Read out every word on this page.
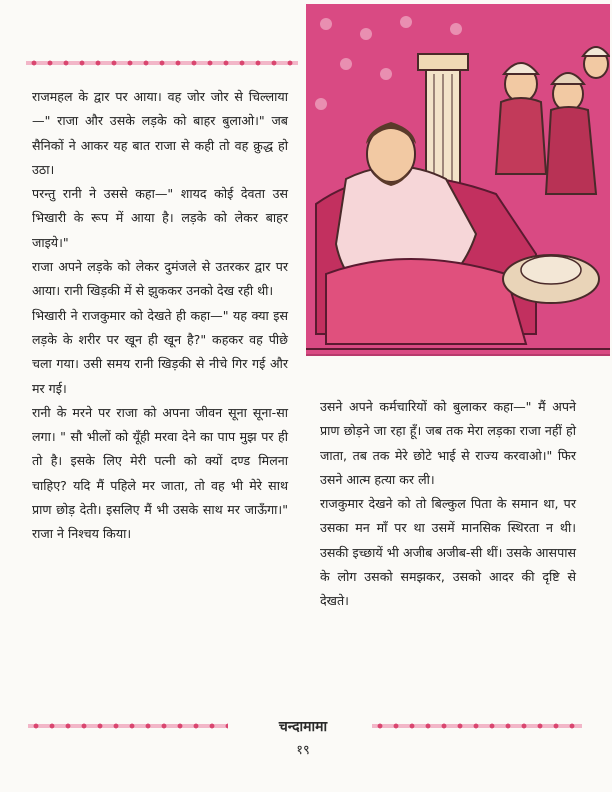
राजमहल के द्वार पर आया। वह जोर जोर से चिल्लाया—" राजा और उसके लड़के को बाहर बुलाओ।" जब सैनिकों ने आकर यह बात राजा से कही तो वह क्रुद्ध हो उठा।

परन्तु रानी ने उससे कहा—" शायद कोई देवता उस भिखारी के रूप में आया है। लड़के को लेकर बाहर जाइये।"

राजा अपने लड़के को लेकर दुमंजले से उतरकर द्वार पर आया। रानी खिड़की में से झुककर उनको देख रही थी।

भिखारी ने राजकुमार को देखते ही कहा—" यह क्या इस लड़के के शरीर पर खून ही खून है?" कहकर वह पीछे चला गया। उसी समय रानी खिड़की से नीचे गिर गई और मर गई।

रानी के मरने पर राजा को अपना जीवन सूना सूना-सा लगा। " सौ भीलों को यूँही मरवा देने का पाप मुझ पर ही तो है। इसके लिए मेरी पत्नी को क्यों दण्ड मिलना चाहिए? यदि मैं पहिले मर जाता, तो वह भी मेरे साथ प्राण छोड़ देती। इसलिए मैं भी उसके साथ मर जाऊँगा।" राजा ने निश्चय किया।

उसने अपने कर्मचारियों को बुलाकर कहा—" मैं अपने प्राण छोड़ने जा रहा हूँ। जब तक मेरा लड़का राजा नहीं हो जाता, तब तक मेरे छोटे भाई से राज्य करवाओ।" फिर उसने आत्म हत्या कर ली।

राजकुमार देखने को तो बिल्कुल पिता के समान था, पर उसका मन माँ पर था उसमें मानसिक स्थिरता न थी। उसकी इच्छायें भी अजीब अजीब-सी थीं। उसके आसपास के लोग उसको समझकर, उसको आदर की दृष्टि से देखते।

चन्दामामा
१९
